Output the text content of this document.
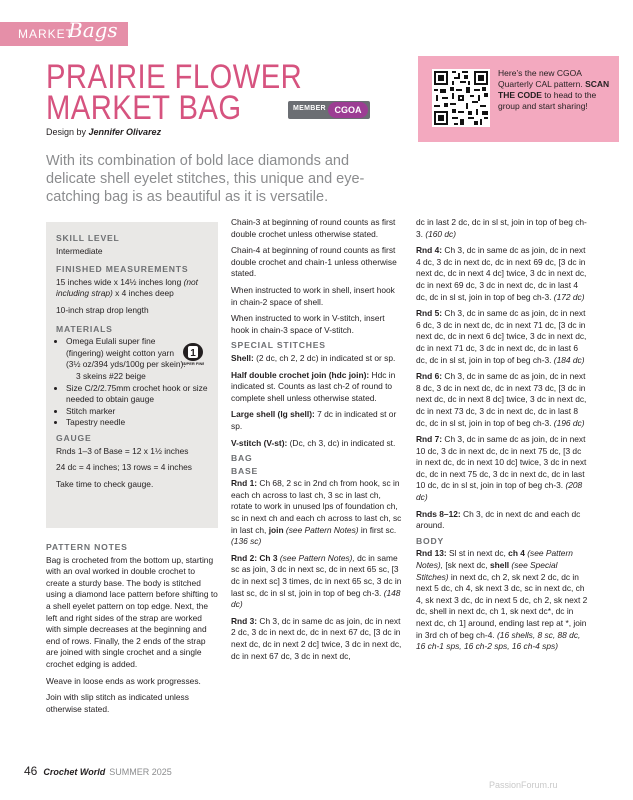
MARKET
Bags
PRAIRIE FLOWER
MARKET BAG	MEMBER CGOA
Design by Jennifer Olivarez
Here’s the new CGOA Quarterly CAL pattern. SCAN THE CODE to head to the group and start sharing!
With its combination of bold lace diamonds and delicate shell eyelet stitches, this unique and eye-catching bag is as beautiful as it is versatile.

SKILL LEVEL

Intermediate

FINISHED MEASUREMENTS

15 inches wide x 14½ inches long (not including strap) x 4 inches deep

10-inch strap drop length

MATERIALS

• Omega Eulali super fine (fingering) weight cotton yarn (3½ oz/394 yds/100g per skein):
3 skeins #22 beige
• Size C/2/2.75mm crochet hook or size needed to obtain gauge
• Stitch marker
• Tapestry needle

GAUGE

Rnds 1–3 of Base = 12 x 1½ inches

24 dc = 4 inches; 13 rows = 4 inches

Take time to check gauge.

1
SUPER FINE

PATTERN NOTES

Bag is crocheted from the bottom up, starting with an oval worked in double crochet to create a sturdy base. The body is stitched using a diamond lace pattern before shifting to a shell eyelet pattern on top edge. Next, the left and right sides of the strap are worked with simple decreases at the beginning and end of rows. Finally, the 2 ends of the strap are joined with single crochet and a single crochet edging is added.

Weave in loose ends as work progresses.

Join with slip stitch as indicated unless otherwise stated.

Chain-3 at beginning of round counts as first double crochet unless otherwise stated.

Chain-4 at beginning of round counts as first double crochet and chain-1 unless otherwise stated.

When instructed to work in shell, insert hook in chain-2 space of shell.

When instructed to work in V-stitch, insert hook in chain-3 space of V-stitch.

SPECIAL STITCHES

Shell: (2 dc, ch 2, 2 dc) in indicated st or sp.

Half double crochet join (hdc join): Hdc in indicated st. Counts as last ch-2 of round to complete shell unless otherwise stated.

Large shell (lg shell): 7 dc in indicated st or sp.

V-stitch (V-st): (Dc, ch 3, dc) in indicated st.

BAG

BASE

Rnd 1: Ch 68, 2 sc in 2nd ch from hook, sc in each ch across to last ch, 3 sc in last ch, rotate to work in unused lps of foundation ch, sc in next ch and each ch across to last ch, sc in last ch, join (see Pattern Notes) in first sc. (136 sc)

Rnd 2: Ch 3 (see Pattern Notes), dc in same sc as join, 3 dc in next sc, dc in next 65 sc, [3 dc in next sc] 3 times, dc in next 65 sc, 3 dc in last sc, dc in sl st, join in top of beg ch-3. (148 dc)

Rnd 3: Ch 3, dc in same dc as join, dc in next 2 dc, 3 dc in next dc, dc in next 67 dc, [3 dc in next dc, dc in next 2 dc] twice, 3 dc in next dc, dc in next 67 dc, 3 dc in next dc,

dc in last 2 dc, dc in sl st, join in top of beg ch-3. (160 dc)

Rnd 4: Ch 3, dc in same dc as join, dc in next 4 dc, 3 dc in next dc, dc in next 69 dc, [3 dc in next dc, dc in next 4 dc] twice, 3 dc in next dc, dc in next 69 dc, 3 dc in next dc, dc in last 4 dc, dc in sl st, join in top of beg ch-3. (172 dc)

Rnd 5: Ch 3, dc in same dc as join, dc in next 6 dc, 3 dc in next dc, dc in next 71 dc, [3 dc in next dc, dc in next 6 dc] twice, 3 dc in next dc, dc in next 71 dc, 3 dc in next dc, dc in last 6 dc, dc in sl st, join in top of beg ch-3. (184 dc)

Rnd 6: Ch 3, dc in same dc as join, dc in next 8 dc, 3 dc in next dc, dc in next 73 dc, [3 dc in next dc, dc in next 8 dc] twice, 3 dc in next dc, dc in next 73 dc, 3 dc in next dc, dc in last 8 dc, dc in sl st, join in top of beg ch-3. (196 dc)

Rnd 7: Ch 3, dc in same dc as join, dc in next 10 dc, 3 dc in next dc, dc in next 75 dc, [3 dc in next dc, dc in next 10 dc] twice, 3 dc in next dc, dc in next 75 dc, 3 dc in next dc, dc in last 10 dc, dc in sl st, join in top of beg ch-3. (208 dc)

Rnds 8–12: Ch 3, dc in next dc and each dc around.

BODY

Rnd 13: Sl st in next dc, ch 4 (see Pattern Notes), [sk next dc, shell (see Special Stitches) in next dc, ch 2, sk next 2 dc, dc in next 5 dc, ch 4, sk next 3 dc, sc in next dc, ch 4, sk next 3 dc, dc in next 5 dc, ch 2, sk next 2 dc, shell in next dc, ch 1, sk next dc*, dc in next dc, ch 1] around, ending last rep at *, join in 3rd ch of beg ch-4. (16 shells, 8 sc, 88 dc, 16 ch-1 sps, 16 ch-2 sps, 16 ch-4 sps)

46 Crochet World SUMMER 2025
PassionForum.ru
